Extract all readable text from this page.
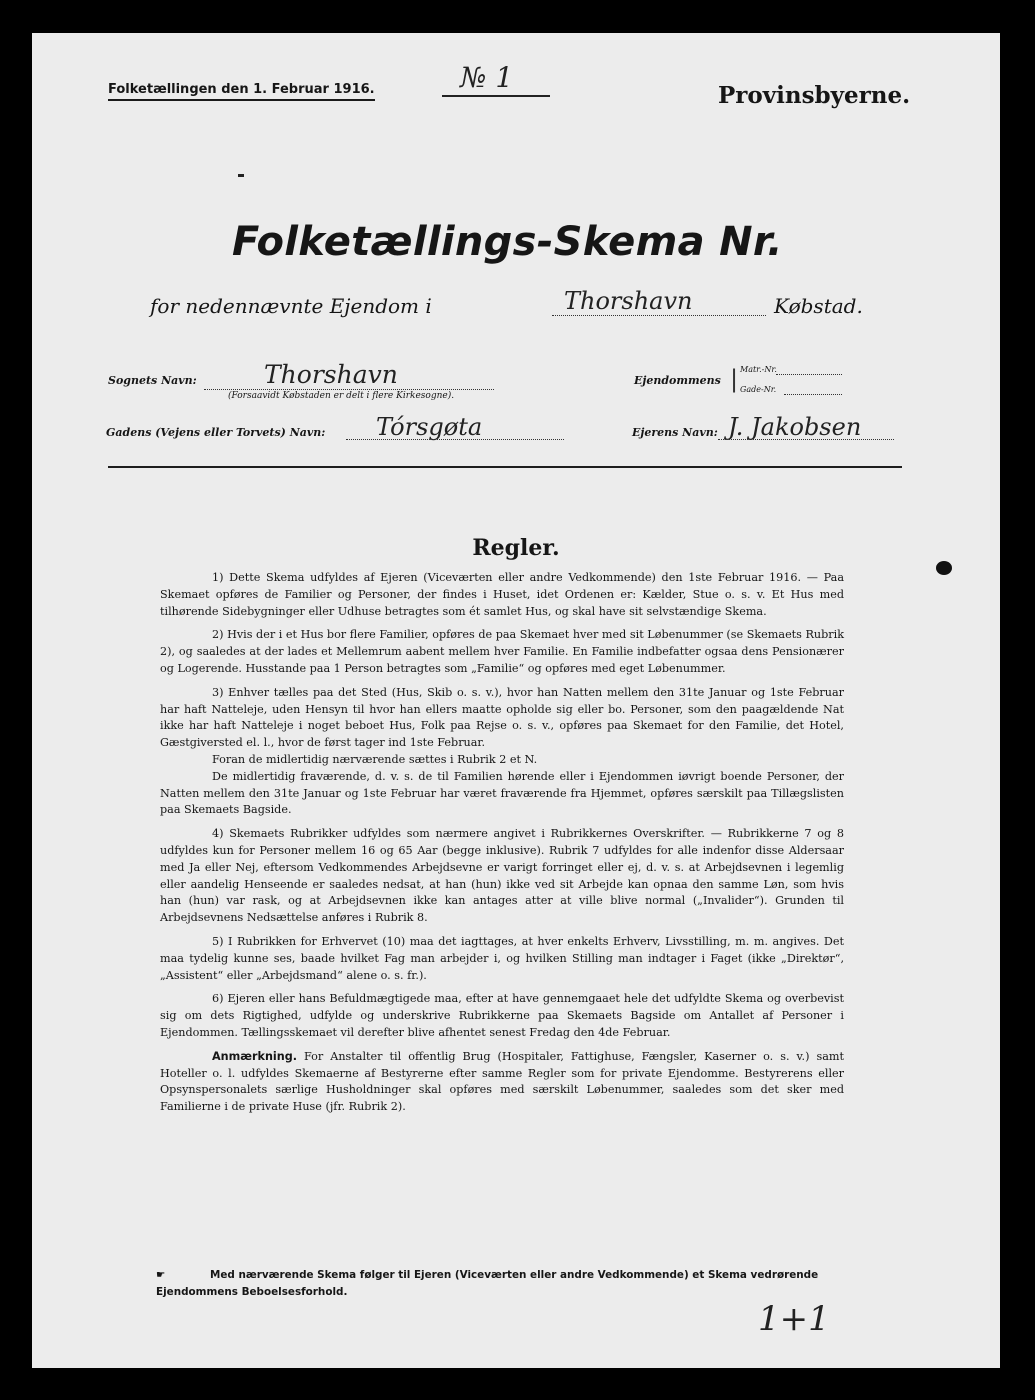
Folketællingen den 1. Februar 1916.	№ 1
Provinsbyerne.
Folketællings-Skema Nr.
for nedennævnte Ejendom i	Thorshavn	Købstad.
Sognets Navn:	Thorshavn
(Forsaavidt Købstaden er delt i flere Kirkesogne).
Ejendommens | Matr.-Nr.
Gade-Nr.
Gadens (Vejens eller Torvets) Navn: Tórsgøta	Ejerens Navn: J. Jakobsen
Regler.

1) Dette Skema udfyldes af Ejeren (Viceværten eller andre Vedkommende) den 1ste Februar 1916. — Paa Skemaet opføres de Familier og Personer, der findes i Huset, idet Ordenen er: Kælder, Stue o. s. v. Et Hus med tilhørende Sidebygninger eller Udhuse betragtes som ét samlet Hus, og skal have sit selvstændige Skema.

2) Hvis der i et Hus bor flere Familier, opføres de paa Skemaet hver med sit Løbenummer (se Skemaets Rubrik 2), og saaledes at der lades et Mellemrum aabent mellem hver Familie. En Familie indbefatter ogsaa dens Pensionærer og Logerende. Husstande paa 1 Person betragtes som „Familie“ og opføres med eget Løbenummer.

3) Enhver tælles paa det Sted (Hus, Skib o. s. v.), hvor han Natten mellem den 31te Januar og 1ste Februar har haft Natteleje, uden Hensyn til hvor han ellers maatte opholde sig eller bo. Personer, som den paagældende Nat ikke har haft Natteleje i noget beboet Hus, Folk paa Rejse o. s. v., opføres paa Skemaet for den Familie, det Hotel, Gæstgiversted el. l., hvor de først tager ind 1ste Februar.

Foran de midlertidig nærværende sættes i Rubrik 2 et N.

De midlertidig fraværende, d. v. s. de til Familien hørende eller i Ejendommen iøvrigt boende Personer, der Natten mellem den 31te Januar og 1ste Februar har været fraværende fra Hjemmet, opføres særskilt paa Tillægslisten paa Skemaets Bagside.

4) Skemaets Rubrikker udfyldes som nærmere angivet i Rubrikkernes Overskrifter. — Rubrikkerne 7 og 8 udfyldes kun for Personer mellem 16 og 65 Aar (begge inklusive). Rubrik 7 udfyldes for alle indenfor disse Aldersaar med Ja eller Nej, eftersom Vedkommendes Arbejdsevne er varigt forringet eller ej, d. v. s. at Arbejdsevnen i legemlig eller aandelig Henseende er saaledes nedsat, at han (hun) ikke ved sit Arbejde kan opnaa den samme Løn, som hvis han (hun) var rask, og at Arbejdsevnen ikke kan antages atter at ville blive normal („Invalider“). Grunden til Arbejdsevnens Nedsættelse anføres i Rubrik 8.

5) I Rubrikken for Erhvervet (10) maa det iagttages, at hver enkelts Erhverv, Livsstilling, m. m. angives. Det maa tydelig kunne ses, baade hvilket Fag man arbejder i, og hvilken Stilling man indtager i Faget (ikke „Direktør“, „Assistent“ eller „Arbejdsmand“ alene o. s. fr.).

6) Ejeren eller hans Befuldmægtigede maa, efter at have gennemgaaet hele det udfyldte Skema og overbevist sig om dets Rigtighed, udfylde og underskrive Rubrikkerne paa Skemaets Bagside om Antallet af Personer i Ejendommen. Tællingsskemaet vil derefter blive afhentet senest Fredag den 4de Februar.

Anmærkning. For Anstalter til offentlig Brug (Hospitaler, Fattighuse, Fængsler, Kaserner o. s. v.) samt Hoteller o. l. udfyldes Skemaerne af Bestyrerne efter samme Regler som for private Ejendomme. Bestyrerens eller Opsynspersonalets særlige Husholdninger skal opføres med særskilt Løbenummer, saaledes som det sker med Familierne i de private Huse (jfr. Rubrik 2).

☛	Med nærværende Skema følger til Ejeren (Viceværten eller andre Vedkommende) et Skema vedrørende Ejendommens Beboelsesforhold.
1+1
